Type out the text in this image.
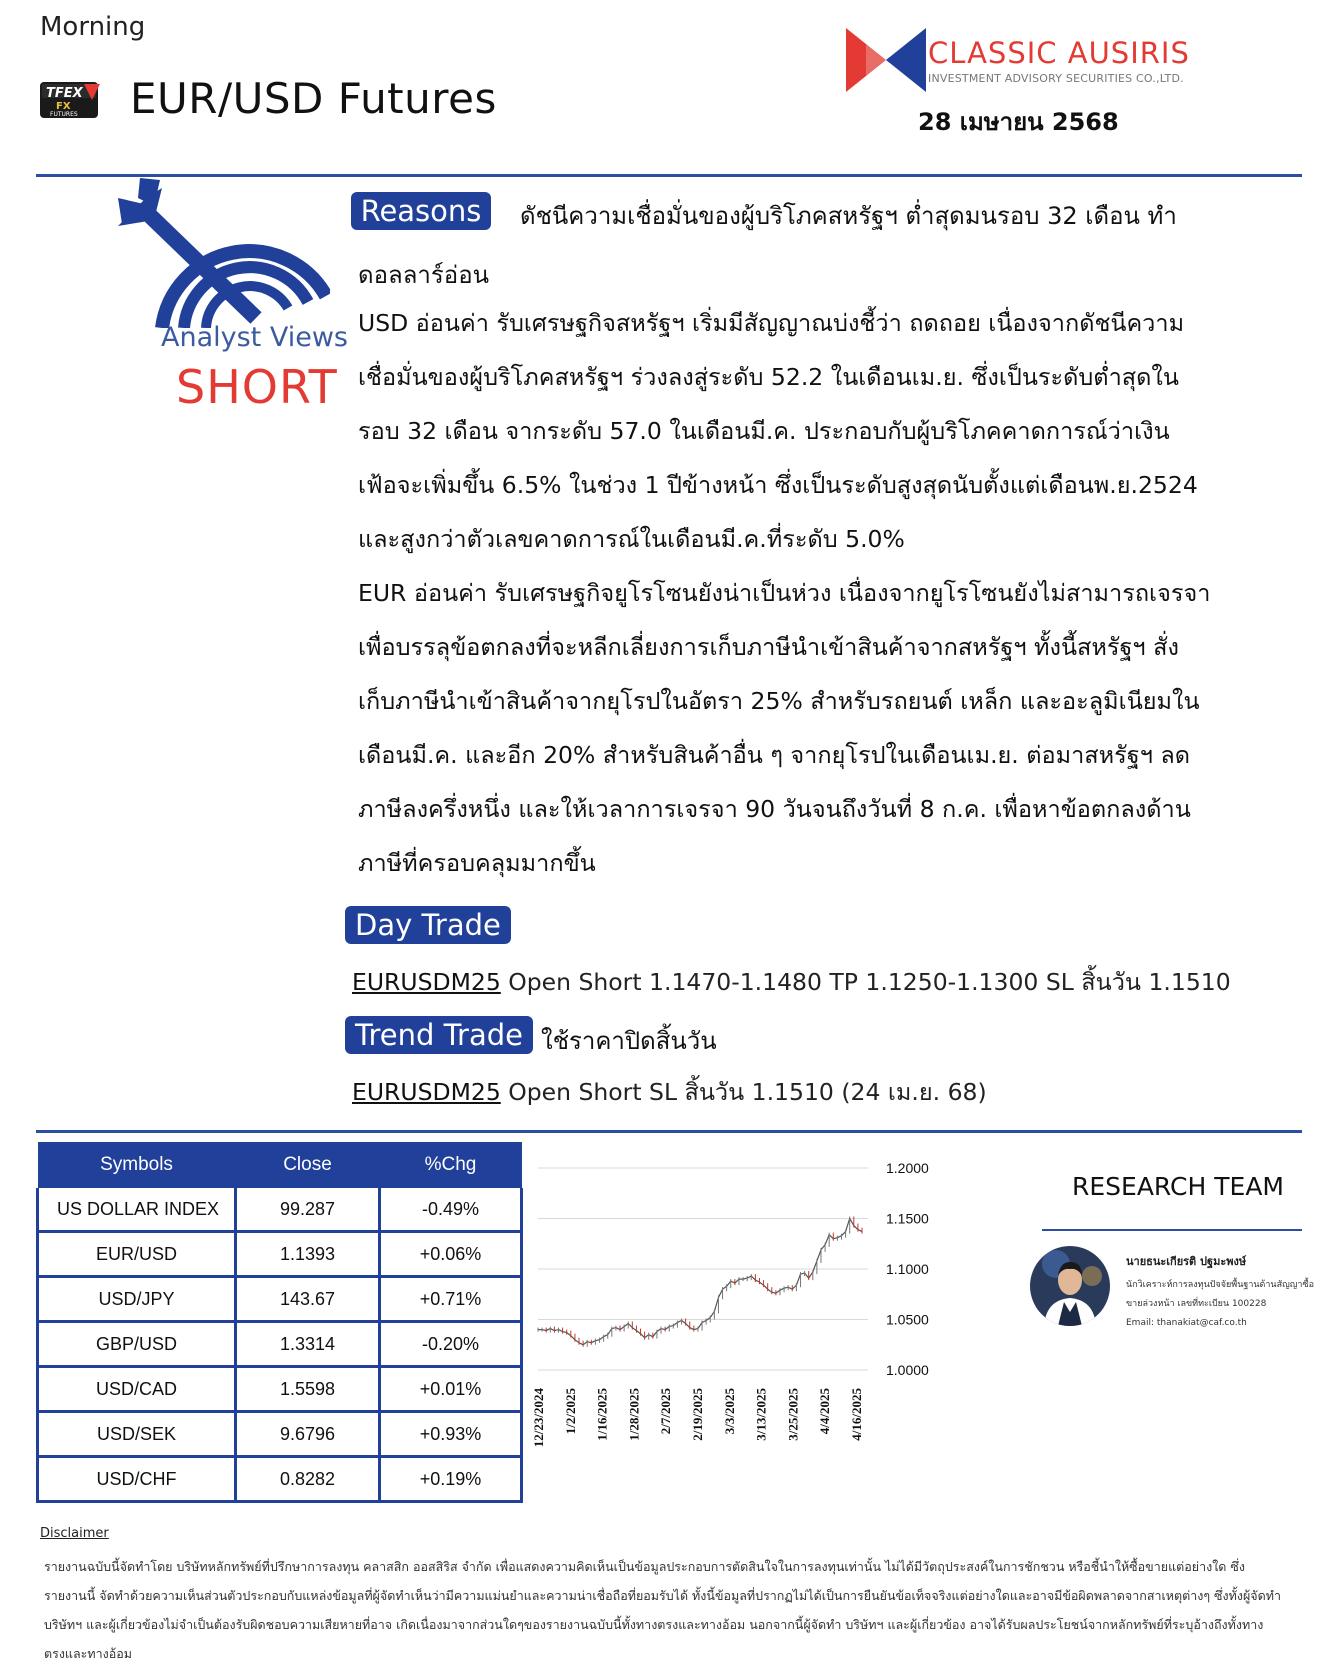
Morning
TFEX
FX
FUTURES EUR/USD Futures
CLASSIC AUSIRIS
INVESTMENT ADVISORY SECURITIES CO.,LTD.
28 เมษายน 2568
Analyst Views
SHORT
Reasons	ดัชนีความเชื่อมั่นของผู้บริโภคสหรัฐฯ ต่ำสุดมนรอบ 32 เดือน ทำ
ดอลลาร์อ่อน
USD อ่อนค่า รับเศรษฐกิจสหรัฐฯ เริ่มมีสัญญาณบ่งชี้ว่า ถดถอย เนื่องจากดัชนีความ
เชื่อมั่นของผู้บริโภคสหรัฐฯ ร่วงลงสู่ระดับ 52.2 ในเดือนเม.ย. ซึ่งเป็นระดับต่ำสุดใน
รอบ 32 เดือน จากระดับ 57.0 ในเดือนมี.ค. ประกอบกับผู้บริโภคคาดการณ์ว่าเงิน
เฟ้อจะเพิ่มขึ้น 6.5% ในช่วง 1 ปีข้างหน้า ซึ่งเป็นระดับสูงสุดนับตั้งแต่เดือนพ.ย.2524
และสูงกว่าตัวเลขคาดการณ์ในเดือนมี.ค.ที่ระดับ 5.0%
EUR อ่อนค่า รับเศรษฐกิจยูโรโซนยังน่าเป็นห่วง เนื่องจากยูโรโซนยังไม่สามารถเจรจา
เพื่อบรรลุข้อตกลงที่จะหลีกเลี่ยงการเก็บภาษีนำเข้าสินค้าจากสหรัฐฯ ทั้งนี้สหรัฐฯ สั่ง
เก็บภาษีนำเข้าสินค้าจากยุโรปในอัตรา 25% สำหรับรถยนต์ เหล็ก และอะลูมิเนียมใน
เดือนมี.ค. และอีก 20% สำหรับสินค้าอื่น ๆ จากยุโรปในเดือนเม.ย. ต่อมาสหรัฐฯ ลด
ภาษีลงครึ่งหนึ่ง และให้เวลาการเจรจา 90 วันจนถึงวันที่ 8 ก.ค. เพื่อหาข้อตกลงด้าน
ภาษีที่ครอบคลุมมากขึ้น
Day Trade
EURUSDM25 Open Short 1.1470-1.1480 TP 1.1250-1.1300 SL สิ้นวัน 1.1510
Trend Trade ใช้ราคาปิดสิ้นวัน
EURUSDM25 Open Short SL สิ้นวัน 1.1510 (24 เม.ย. 68)
Symbols	Close	%Chg
US DOLLAR INDEX	99.287	-0.49%
EUR/USD	1.1393	+0.06%
USD/JPY	143.67	+0.71%
GBP/USD	1.3314	-0.20%
USD/CAD	1.5598	+0.01%
USD/SEK	9.6796	+0.93%
USD/CHF	0.8282	+0.19%
1.2000
1.1500
1.1000
1.0500
1.0000
12/23/2024 1/2/2025 1/16/2025 1/28/2025 2/7/2025 2/19/2025 3/3/2025 3/13/2025 3/25/2025 4/4/2025 4/16/2025
RESEARCH TEAM
นายธนะเกียรติ ปฐมะพงษ์
นักวิเคราะห์การลงทุนปัจจัยพื้นฐานด้านสัญญาซื้อ
ขายล่วงหน้า เลขที่ทะเบียน 100228
Email: thanakiat@caf.co.th
Disclaimer
รายงานฉบับนี้จัดทำโดย บริษัทหลักทรัพย์ที่ปรึกษาการลงทุน คลาสสิก ออสสิริส จำกัด เพื่อแสดงความคิดเห็นเป็นข้อมูลประกอบการตัดสินใจในการลงทุนเท่านั้น ไม่ได้มีวัตถุประสงค์ในการชักชวน หรือชี้นำให้ซื้อขายแต่อย่างใด ซึ่งรายงานนี้ จัดทำด้วยความเห็นส่วนตัวประกอบกับแหล่งข้อมูลที่ผู้จัดทำเห็นว่ามีความแม่นยำและความน่าเชื่อถือที่ยอมรับได้ ทั้งนี้ข้อมูลที่ปรากฏไม่ได้เป็นการยืนยันข้อเท็จจริงแต่อย่างใดและอาจมีข้อผิดพลาดจากสาเหตุต่างๆ ซึ่งทั้งผู้จัดทำ บริษัทฯ และผู้เกี่ยวข้องไม่จำเป็นต้องรับผิดชอบความเสียหายที่อาจ เกิดเนื่องมาจากส่วนใดๆของรายงานฉบับนี้ทั้งทางตรงและทางอ้อม นอกจากนี้ผู้จัดทำ บริษัทฯ และผู้เกี่ยวข้อง อาจได้รับผลประโยชน์จากหลักทรัพย์ที่ระบุอ้างถึงทั้งทางตรงและทางอ้อม
